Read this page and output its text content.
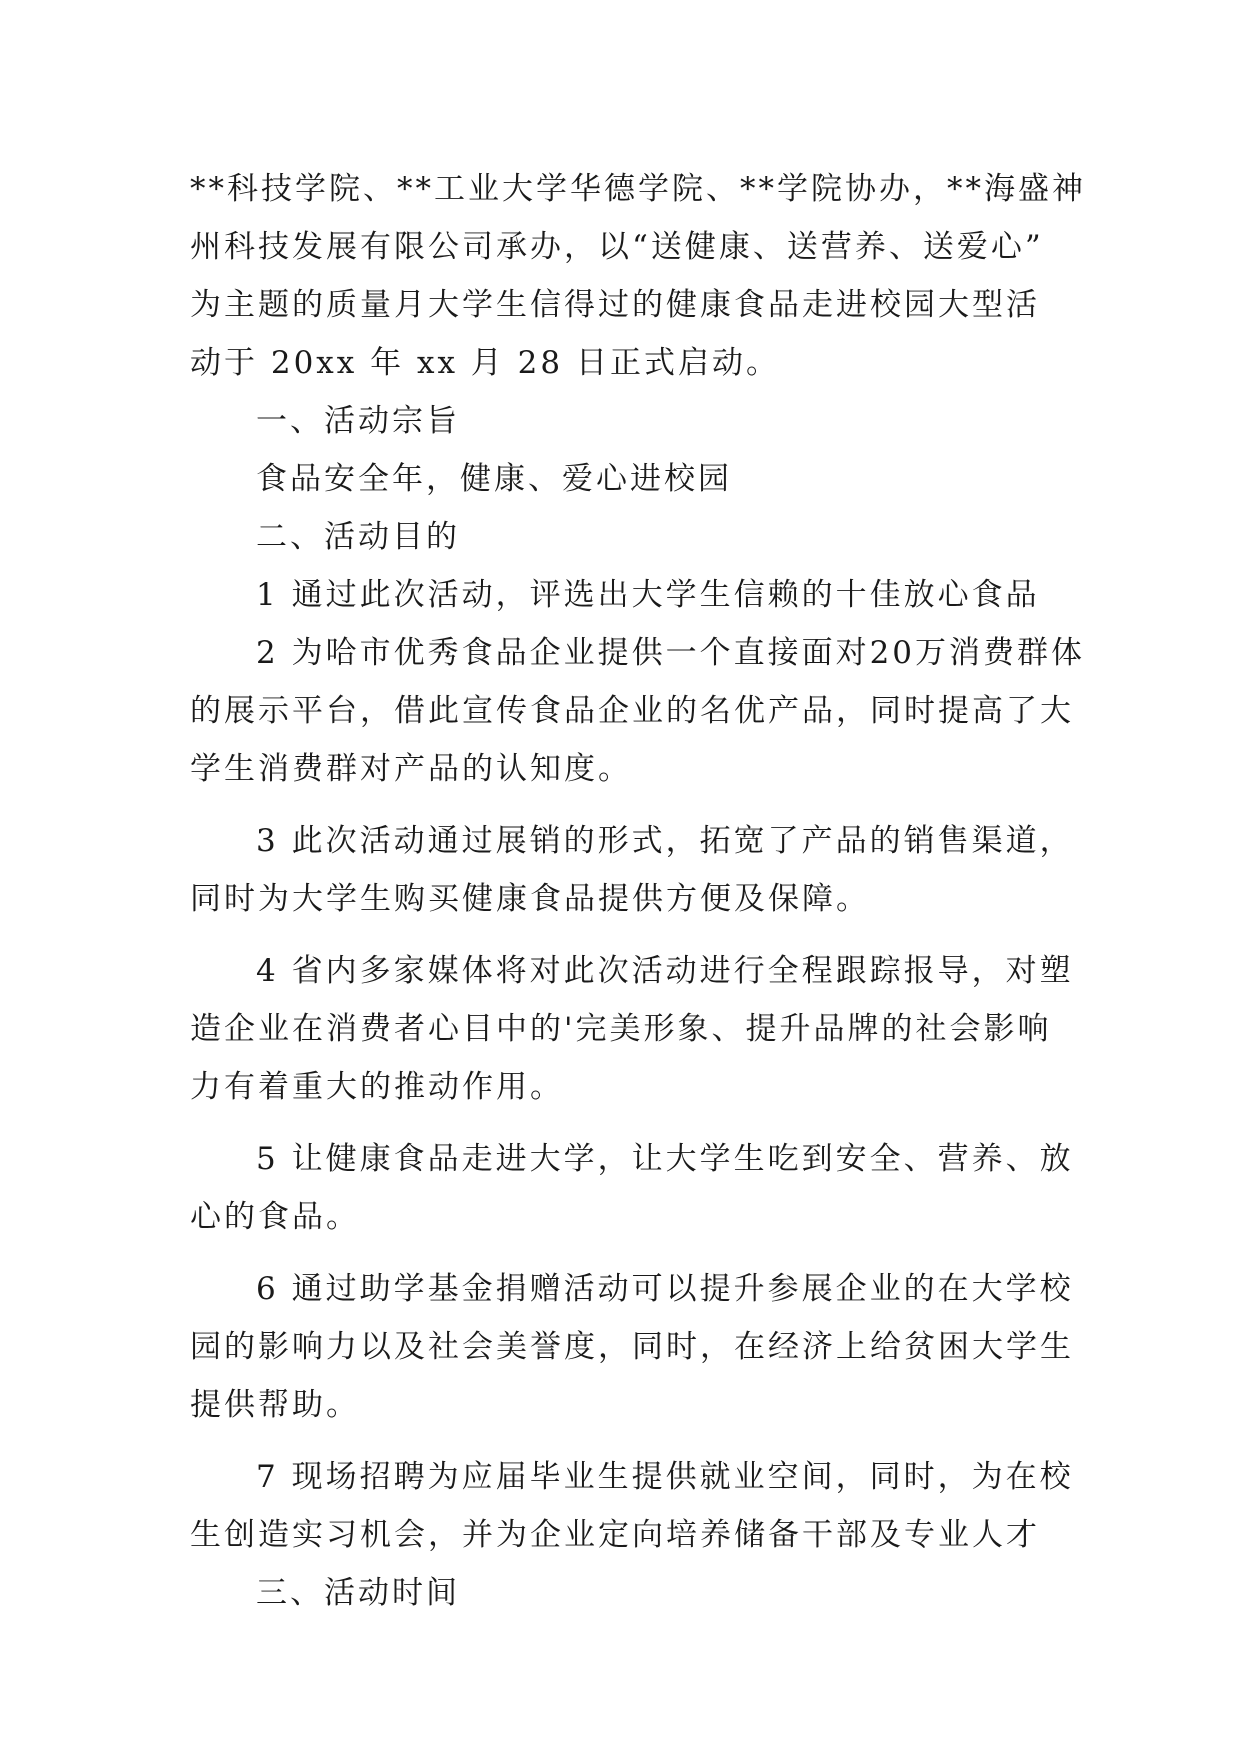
**科技学院、**工业大学华德学院、**学院协办，**海盛神
州科技发展有限公司承办，以“送健康、送营养、送爱心”
为主题的质量月大学生信得过的健康食品走进校园大型活
动于 20xx 年 xx 月 28 日正式启动。
一、活动宗旨
食品安全年，健康、爱心进校园
二、活动目的
1 通过此次活动，评选出大学生信赖的十佳放心食品
2 为哈市优秀食品企业提供一个直接面对20万消费群体
的展示平台，借此宣传食品企业的名优产品，同时提高了大
学生消费群对产品的认知度。
3 此次活动通过展销的形式，拓宽了产品的销售渠道，
同时为大学生购买健康食品提供方便及保障。
4 省内多家媒体将对此次活动进行全程跟踪报导，对塑
造企业在消费者心目中的'完美形象、提升品牌的社会影响
力有着重大的推动作用。
5 让健康食品走进大学，让大学生吃到安全、营养、放
心的食品。
6 通过助学基金捐赠活动可以提升参展企业的在大学校
园的影响力以及社会美誉度，同时，在经济上给贫困大学生
提供帮助。
7 现场招聘为应届毕业生提供就业空间，同时，为在校
生创造实习机会，并为企业定向培养储备干部及专业人才
三、活动时间
